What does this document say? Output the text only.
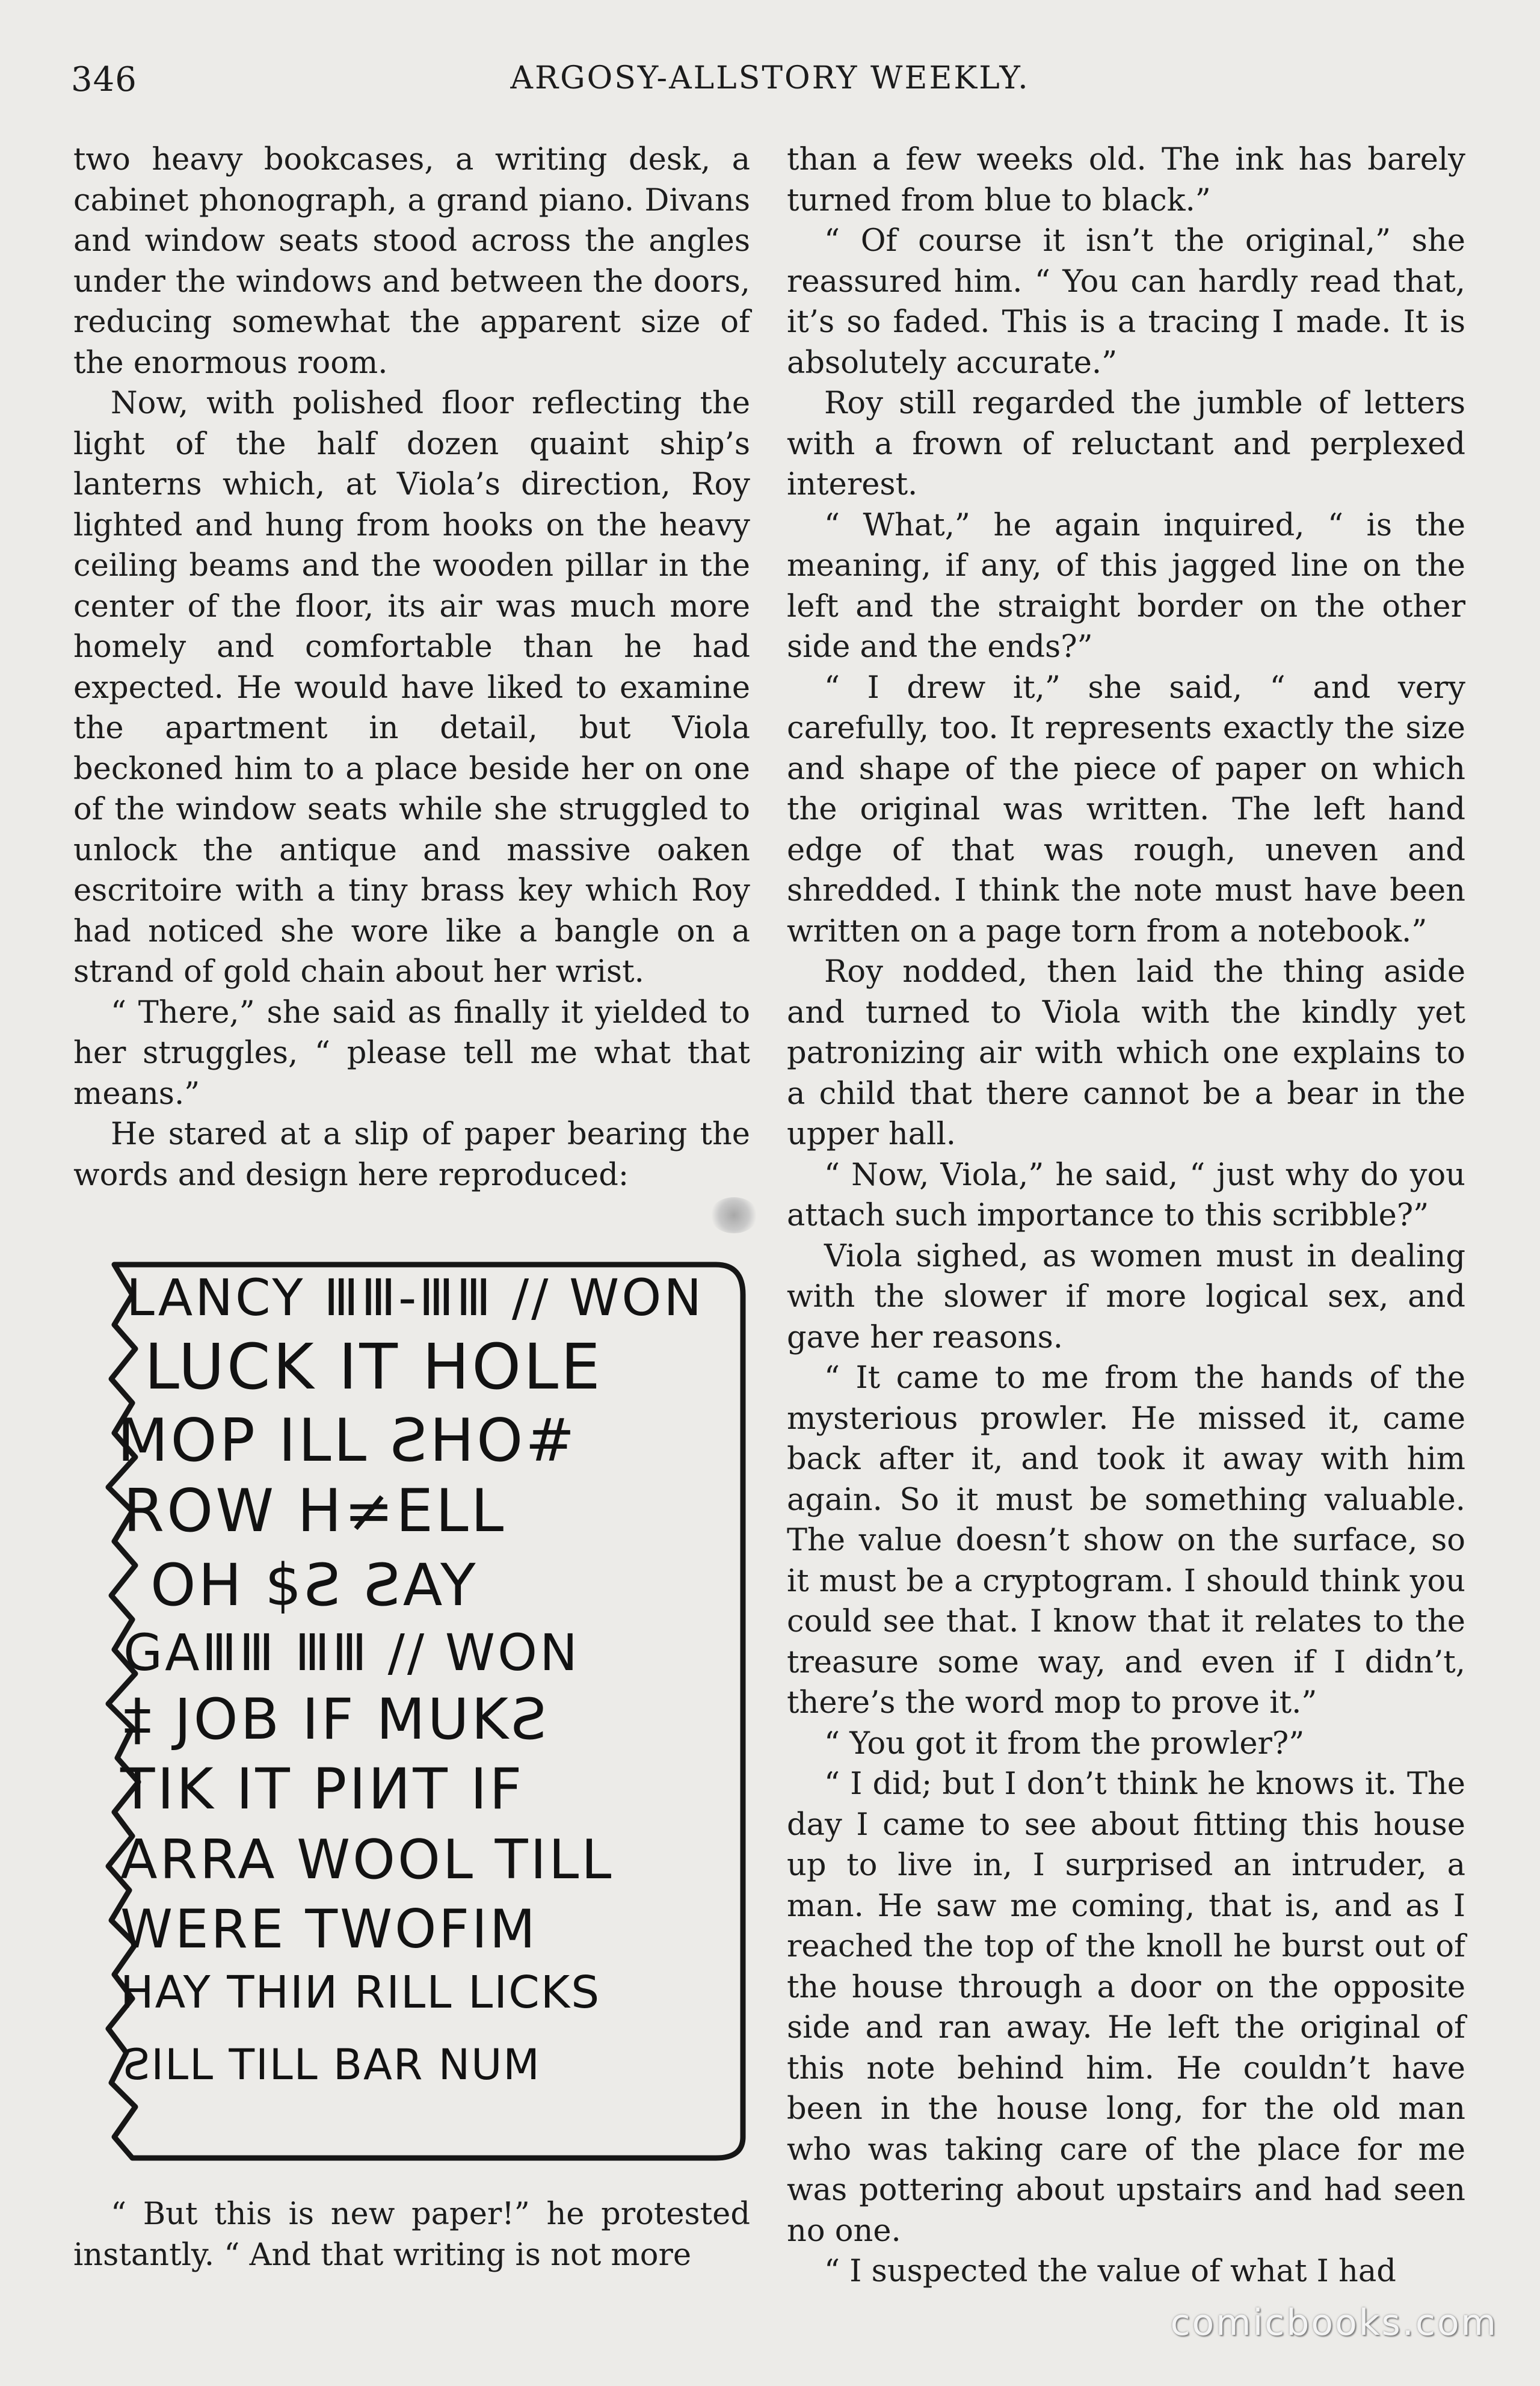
346	ARGOSY-ALLSTORY WEEKLY.

two heavy bookcases, a writing desk, a cabinet phonograph, a grand piano. Divans and window seats stood across the angles under the windows and between the doors, reducing somewhat the apparent size of the enormous room.

Now, with polished floor reflecting the light of the half dozen quaint ship’s lanterns which, at Viola’s direction, Roy lighted and hung from hooks on the heavy ceiling beams and the wooden pillar in the center of the floor, its air was much more homely and comfortable than he had expected. He would have liked to examine the apartment in detail, but Viola beckoned him to a place beside her on one of the window seats while she struggled to unlock the antique and massive oaken escritoire with a tiny brass key which Roy had noticed she wore like a bangle on a strand of gold chain about her wrist.

“ There,” she said as finally it yielded to her struggles, “ please tell me what that means.”

He stared at a slip of paper bearing the words and design here reproduced:

LANCY ⅢⅢ-ⅢⅢ // WON
LUCK IT HOLE
MOP ILL ƧHO#
ROW H≠ELL
OH $Ƨ ƧAY
GAⅢⅢ ⅢⅢ // WON
‡ JOB IF MUKƧ
TIK IT PIИT IF
ARRA WOOL TILL
WERE TWOFIM
HAY THIИ RILL LICKS
ƧILL TILL BAR NUM

“ But this is new paper!” he protested instantly. “ And that writing is not more

than a few weeks old. The ink has barely turned from blue to black.”

“ Of course it isn’t the original,” she reassured him. “ You can hardly read that, it’s so faded. This is a tracing I made. It is absolutely accurate.”

Roy still regarded the jumble of letters with a frown of reluctant and perplexed interest.

“ What,” he again inquired, “ is the meaning, if any, of this jagged line on the left and the straight border on the other side and the ends?”

“ I drew it,” she said, “ and very carefully, too. It represents exactly the size and shape of the piece of paper on which the original was written. The left hand edge of that was rough, uneven and shredded. I think the note must have been written on a page torn from a notebook.”

Roy nodded, then laid the thing aside and turned to Viola with the kindly yet patronizing air with which one explains to a child that there cannot be a bear in the upper hall.

“ Now, Viola,” he said, “ just why do you attach such importance to this scribble?”

Viola sighed, as women must in dealing with the slower if more logical sex, and gave her reasons.

“ It came to me from the hands of the mysterious prowler. He missed it, came back after it, and took it away with him again. So it must be something valuable. The value doesn’t show on the surface, so it must be a cryptogram. I should think you could see that. I know that it relates to the treasure some way, and even if I didn’t, there’s the word mop to prove it.”

“ You got it from the prowler?”

“ I did; but I don’t think he knows it. The day I came to see about fitting this house up to live in, I surprised an intruder, a man. He saw me coming, that is, and as I reached the top of the knoll he burst out of the house through a door on the opposite side and ran away. He left the original of this note behind him. He couldn’t have been in the house long, for the old man who was taking care of the place for me was pottering about upstairs and had seen no one.

“ I suspected the value of what I had

comicbooks.com
